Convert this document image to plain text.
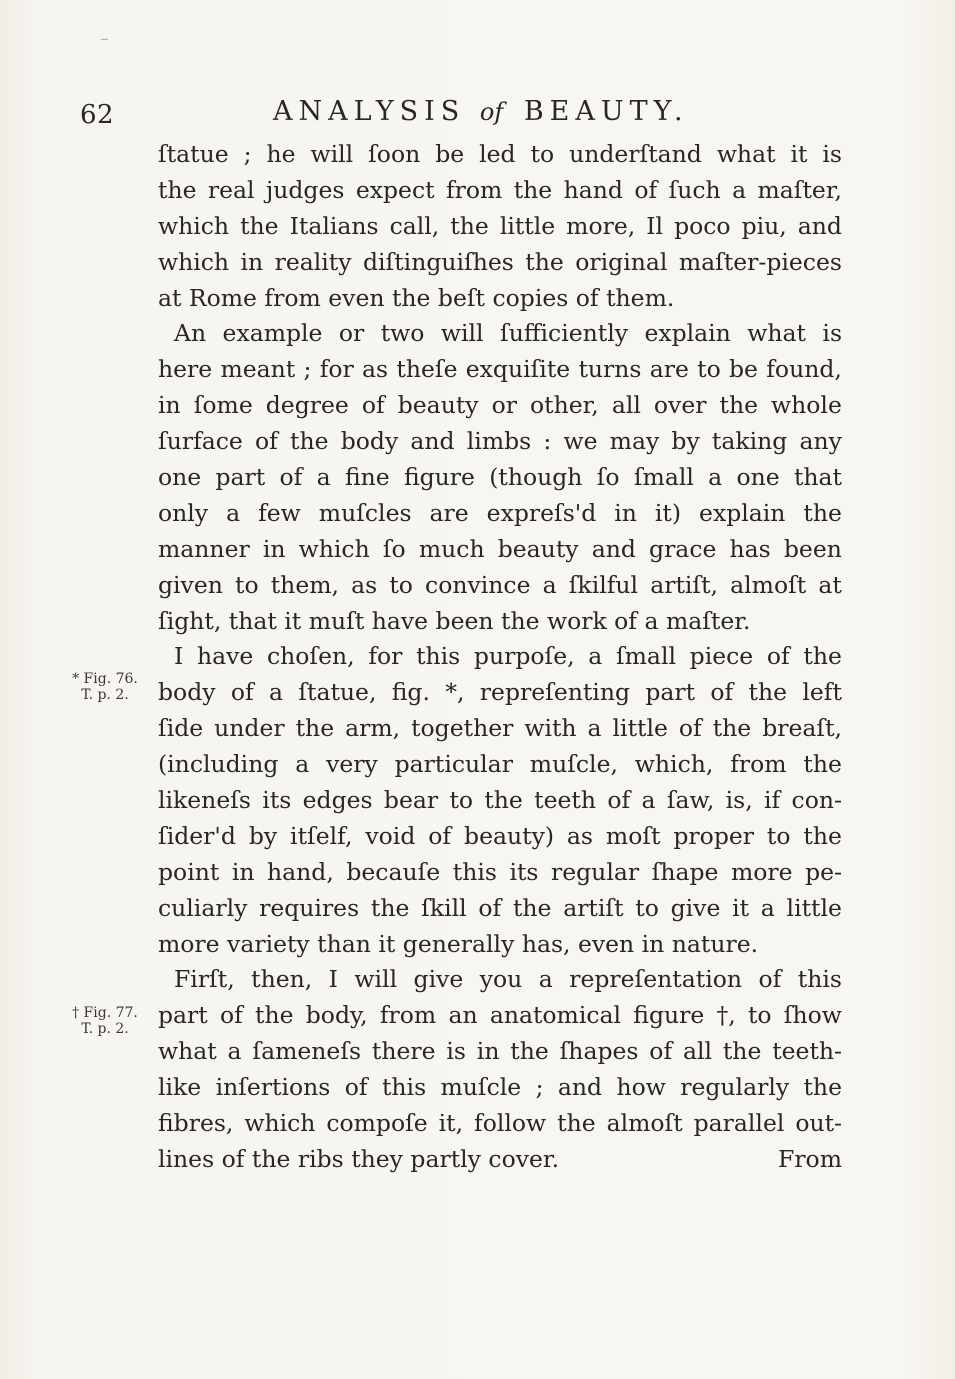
–
62	ANALYSIS of BEAUTY.
* Fig. 76.
T. p. 2.
† Fig. 77.
T. p. 2.
ſtatue ; he will ſoon be led to underſtand what it is
the real judges expect from the hand of ſuch a maſter,
which the Italians call, the little more, Il poco piu, and
which in reality diſtinguiſhes the original maſter-pieces
at Rome from even the beſt copies of them.
An example or two will ſufficiently explain what is
here meant ; for as theſe exquiſite turns are to be found,
in ſome degree of beauty or other, all over the whole
ſurface of the body and limbs : we may by taking any
one part of a fine figure (though ſo ſmall a one that
only a few muſcles are expreſs'd in it) explain the
manner in which ſo much beauty and grace has been
given to them, as to convince a ſkilful artiſt, almoſt at
ſight, that it muſt have been the work of a maſter.
I have choſen, for this purpoſe, a ſmall piece of the
body of a ſtatue, fig. *, repreſenting part of the left
ſide under the arm, together with a little of the breaſt,
(including a very particular muſcle, which, from the
likeneſs its edges bear to the teeth of a ſaw, is, if con-
ſider'd by itſelf, void of beauty) as moſt proper to the
point in hand, becauſe this its regular ſhape more pe-
culiarly requires the ſkill of the artiſt to give it a little
more variety than it generally has, even in nature.
Firſt, then, I will give you a repreſentation of this
part of the body, from an anatomical figure †, to ſhow
what a ſameneſs there is in the ſhapes of all the teeth-
like inſertions of this muſcle ; and how regularly the
fibres, which compoſe it, follow the almoſt parallel out-
lines of the ribs they partly cover.	From
